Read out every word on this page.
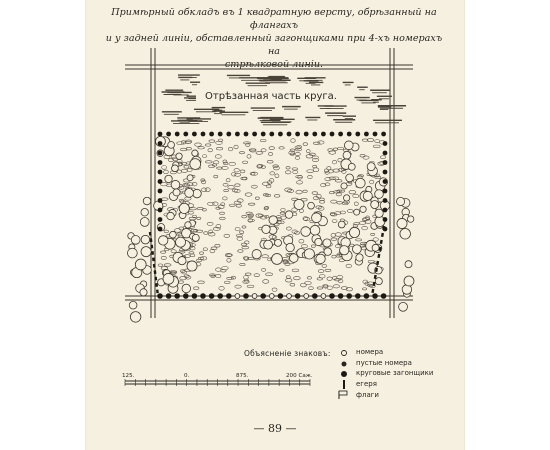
Примѣрный обкладъ въ 1 квадратную версту, обрѣзанный на флангахъ
и у задней линіи, обставленный загонщиками при 4-хъ номерахъ на
стрѣлковой линіи.

Отрѣзанная часть круга.
Объясненіе знаковъ:	номера
пустые номера
круговые загонщики
егеря
флаги
125.	0.	875.	200 Саж.
— 89 —
